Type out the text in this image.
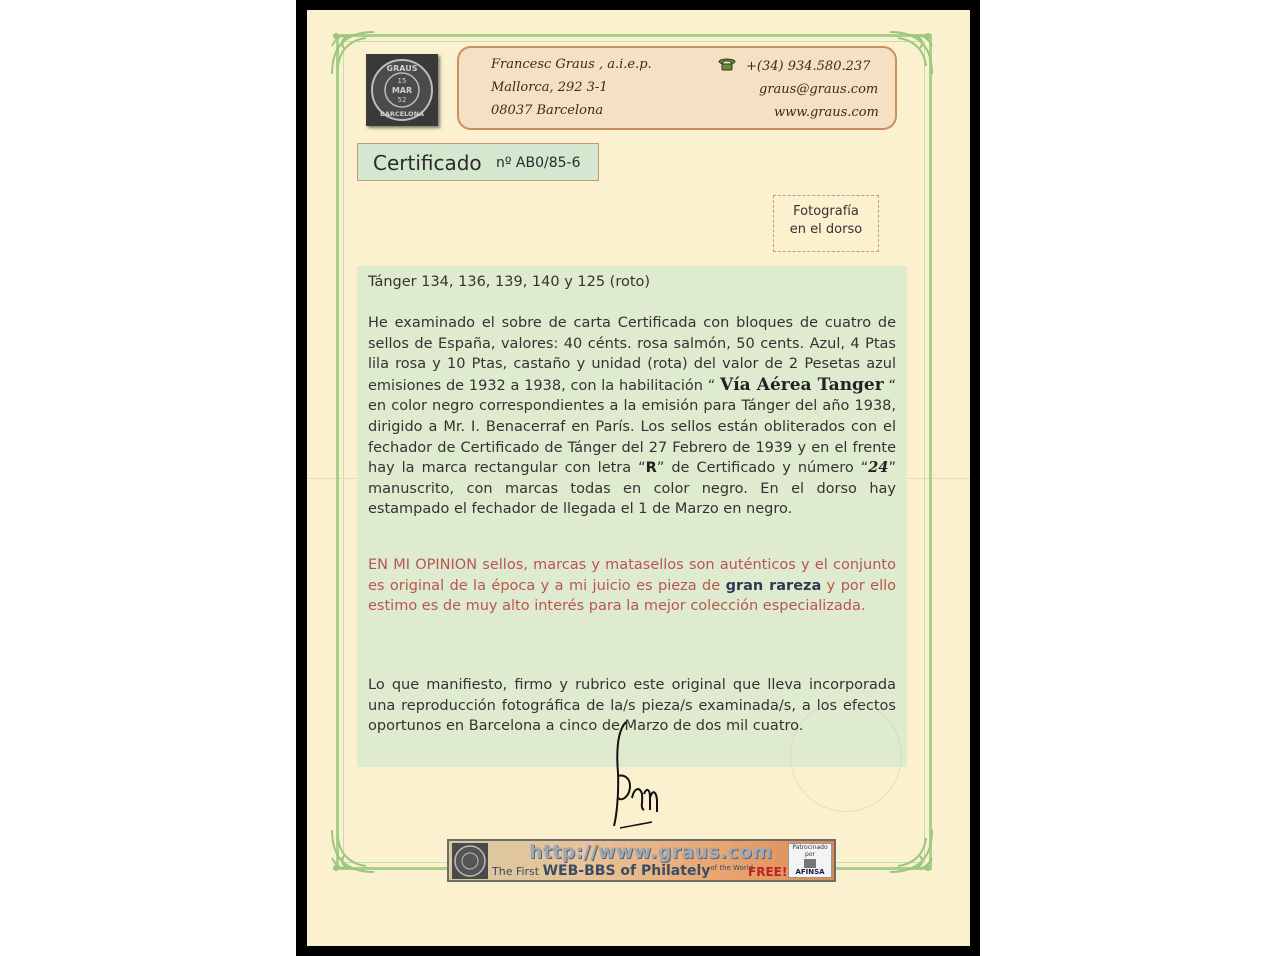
GRAUS
15
MAR
52
BARCELONA
Francesc Graus , a.i.e.p.
Mallorca, 292 3-1
08037 Barcelona
+(34) 934.580.237
graus@graus.com
www.graus.com
Certificado nº AB0/85-6
Fotografía
en el dorso
Tánger 134, 136, 139, 140 y 125 (roto)
He examinado el sobre de carta Certificada con bloques de cuatro de sellos de España, valores: 40 cénts. rosa salmón, 50 cents. Azul, 4 Ptas lila rosa y 10 Ptas, castaño y unidad (rota) del valor de 2 Pesetas azul emisiones de 1932 a 1938, con la habilitación “ Vía Aérea Tanger “ en color negro correspondientes a la emisión para Tánger del año 1938, dirigido a Mr. I. Benacerraf en París. Los sellos están obliterados con el fechador de Certificado de Tánger del 27 Febrero de 1939 y en el frente hay la marca rectangular con letra “R” de Certificado y número “24” manuscrito, con marcas todas en color negro. En el dorso hay estampado el fechador de llegada el 1 de Marzo en negro.
EN MI OPINION sellos, marcas y matasellos son auténticos y el conjunto es original de la época y a mi juicio es pieza de gran rareza y por ello estimo es de muy alto interés para la mejor colección especializada.
Lo que manifiesto, firmo y rubrico este original que lleva incorporada una reproducción fotográfica de la/s pieza/s examinada/s, a los efectos oportunos en Barcelona a cinco de Marzo de dos mil cuatro.
http://www.graus.com
The First WEB-BBS of Philately$^{of the World}$
FREE!
Patrocinado
por
AFINSA
